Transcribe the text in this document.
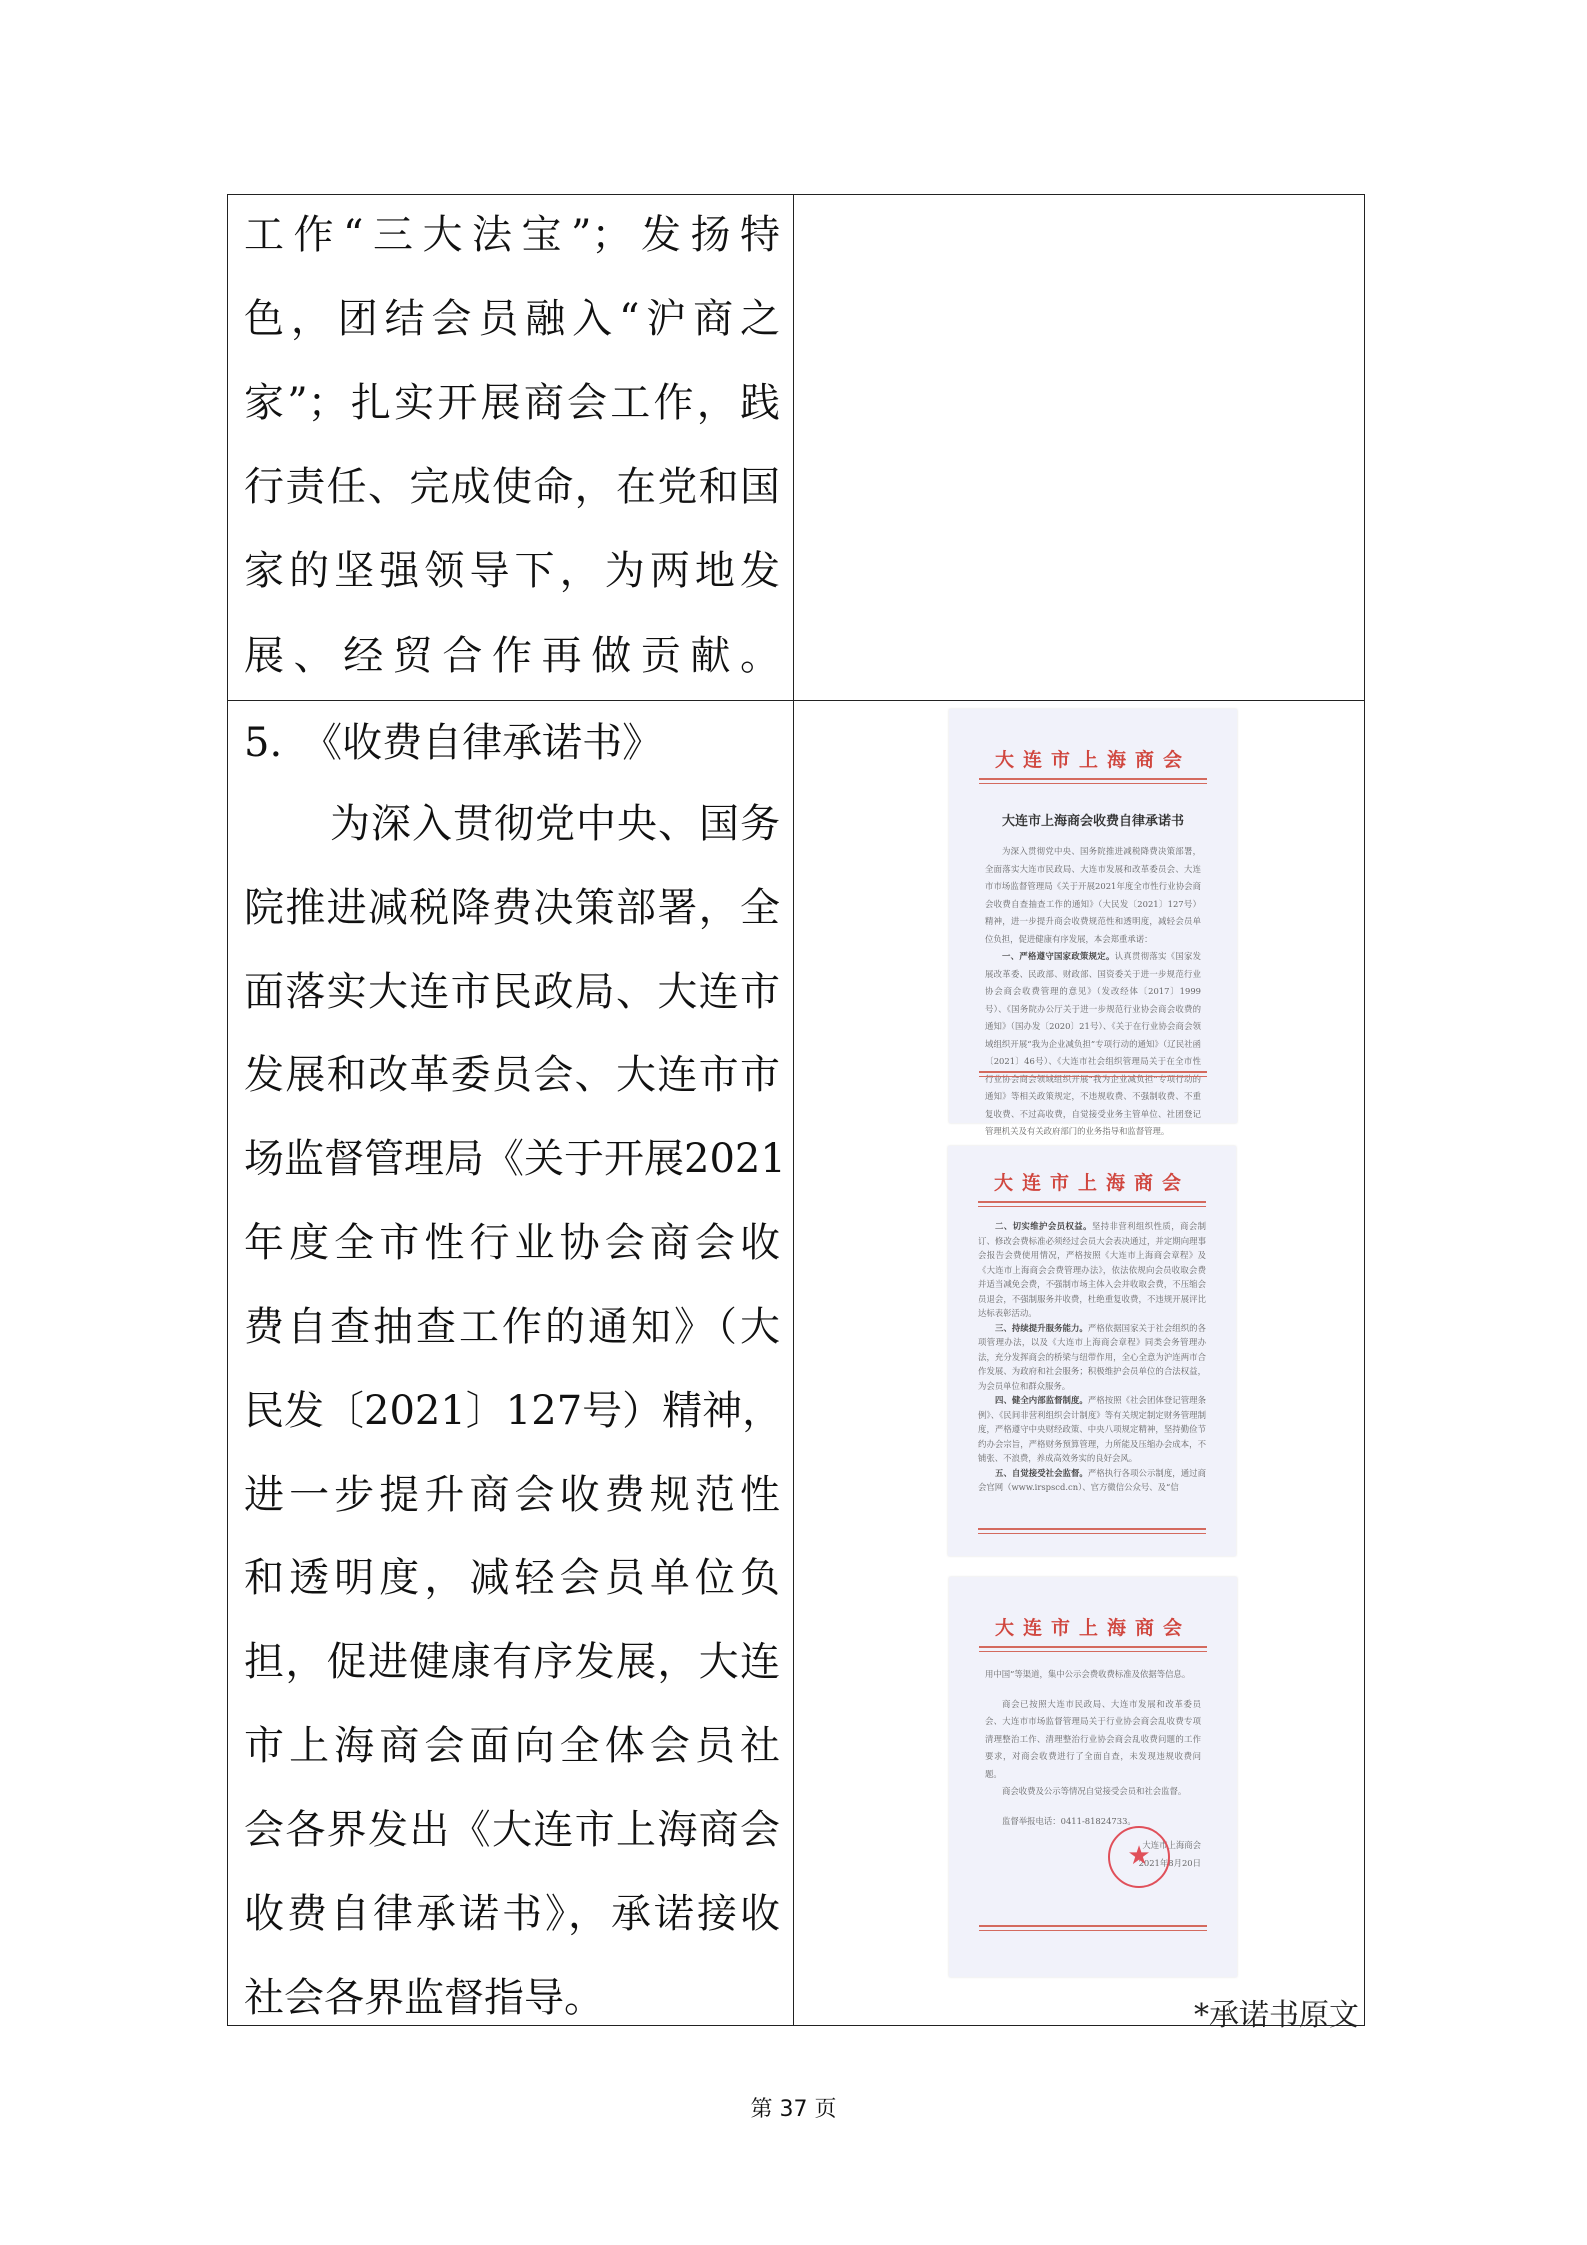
工作“三大法宝”；发扬特
色，团结会员融入“沪商之
家”；扎实开展商会工作，践
行责任、完成使命，在党和国
家的坚强领导下，为两地发
展、经贸合作再做贡献。
5.　《收费自律承诺书》
为深入贯彻党中央、国务
院推进减税降费决策部署，全
面落实大连市民政局、大连市
发展和改革委员会、大连市市
场监督管理局《关于开展2021
年度全市性行业协会商会收
费自查抽查工作的通知》（大
民发〔2021〕127号）精神，
进一步提升商会收费规范性
和透明度，减轻会员单位负
担，促进健康有序发展，大连
市上海商会面向全体会员社
会各界发出《大连市上海商会
收费自律承诺书》，承诺接收
社会各界监督指导。
大连市上海商会
大连市上海商会收费自律承诺书
为深入贯彻党中央、国务院推进减税降费决策部署，全面落实大连市民政局、大连市发展和改革委员会、大连市市场监督管理局《关于开展2021年度全市性行业协会商会收费自查抽查工作的通知》（大民发〔2021〕127号）精神，进一步提升商会收费规范性和透明度，减轻会员单位负担，促进健康有序发展，本会郑重承诺：
一、严格遵守国家政策规定。认真贯彻落实《国家发展改革委、民政部、财政部、国资委关于进一步规范行业协会商会收费管理的意见》（发改经体〔2017〕1999号）、《国务院办公厅关于进一步规范行业协会商会收费的通知》（国办发〔2020〕21号）、《关于在行业协会商会领域组织开展“我为企业减负担”专项行动的通知》（辽民社函〔2021〕46号）、《大连市社会组织管理局关于在全市性行业协会商会领域组织开展“我为企业减负担”专项行动的通知》等相关政策规定，不违规收费、不强制收费、不重复收费、不过高收费，自觉接受业务主管单位、社团登记管理机关及有关政府部门的业务指导和监督管理。
大连市上海商会
二、切实维护会员权益。坚持非营利组织性质，商会制订、修改会费标准必须经过会员大会表决通过，并定期向理事会报告会费使用情况，严格按照《大连市上海商会章程》及《大连市上海商会会费管理办法》，依法依规向会员收取会费并适当减免会费，不强制市场主体入会并收取会费，不压缩会员退会，不强制服务并收费，杜绝重复收费，不违规开展评比达标表彰活动。
三、持续提升服务能力。严格依据国家关于社会组织的各项管理办法，以及《大连市上海商会章程》同类会务管理办法，充分发挥商会的桥梁与纽带作用，全心全意为沪连两市合作发展、为政府和社会服务；积极维护会员单位的合法权益，为会员单位和群众服务。
四、健全内部监督制度。严格按照《社会团体登记管理条例》、《民间非营利组织会计制度》等有关规定制定财务管理制度，严格遵守中央财经政策、中央八项规定精神，坚持勤俭节约办会宗旨，严格财务预算管理，力所能及压缩办会成本，不铺张、不浪费，养成高效务实的良好会风。
五、自觉接受社会监督。严格执行各项公示制度，通过商会官网（www.irspscd.cn）、官方微信公众号、及“信
大连市上海商会
用中国”等渠道，集中公示会费收费标准及依据等信息。
商会已按照大连市民政局、大连市发展和改革委员会、大连市市场监督管理局关于行业协会商会乱收费专项清理整治工作、清理整治行业协会商会乱收费问题的工作要求，对商会收费进行了全面自查，未发现违规收费问题。
商会收费及公示等情况自觉接受会员和社会监督。
监督举报电话：0411-81824733。
大连市上海商会
2021年8月20日
★
*承诺书原文
第 37 页
